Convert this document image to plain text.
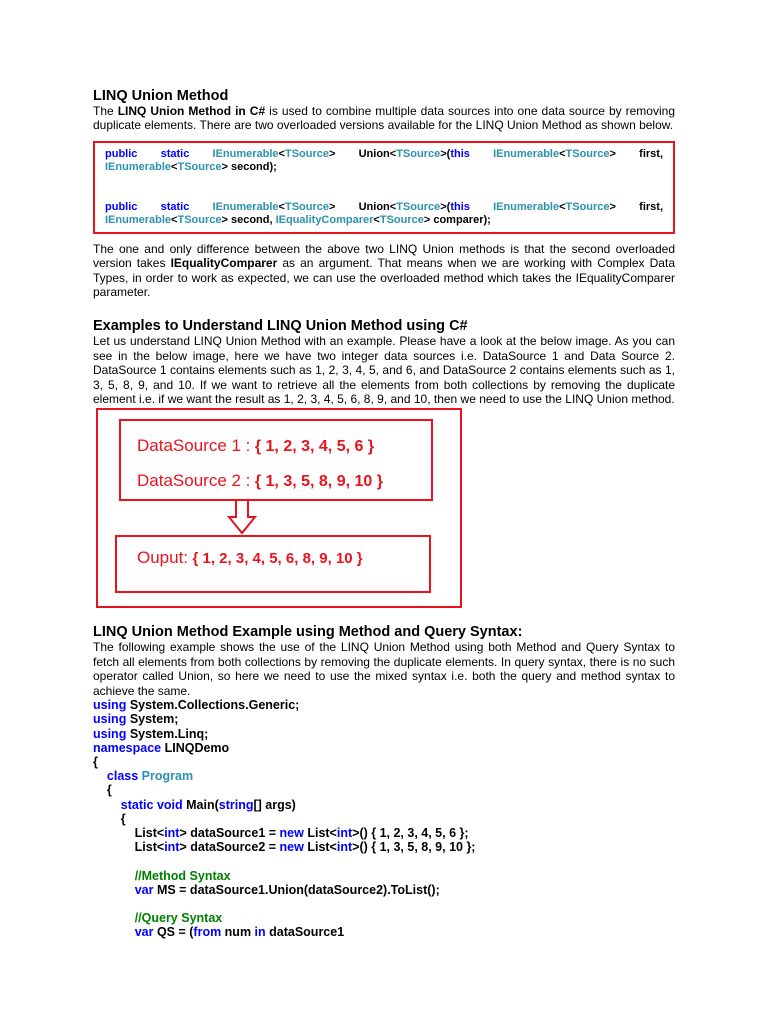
LINQ Union Method

The LINQ Union Method in C# is used to combine multiple data sources into one data source by removing duplicate elements. There are two overloaded versions available for the LINQ Union Method as shown below.

public static IEnumerable<TSource> Union<TSource>(this IEnumerable<TSource> first,
IEnumerable<TSource> second);
public static IEnumerable<TSource> Union<TSource>(this IEnumerable<TSource> first,
IEnumerable<TSource> second, IEqualityComparer<TSource> comparer);

The one and only difference between the above two LINQ Union methods is that the second overloaded version takes IEqualityComparer as an argument. That means when we are working with Complex Data Types, in order to work as expected, we can use the overloaded method which takes the IEqualityComparer parameter.

Examples to Understand LINQ Union Method using C#

Let us understand LINQ Union Method with an example. Please have a look at the below image. As you can see in the below image, here we have two integer data sources i.e. DataSource 1 and Data Source 2. DataSource 1 contains elements such as 1, 2, 3, 4, 5, and 6, and DataSource 2 contains elements such as 1, 3, 5, 8, 9, and 10. If we want to retrieve all the elements from both collections by removing the duplicate element i.e. if we want the result as 1, 2, 3, 4, 5, 6, 8, 9, and 10, then we need to use the LINQ Union method.

DataSource 1 : { 1, 2, 3, 4, 5, 6 }
DataSource 2 : { 1, 3, 5, 8, 9, 10 }
Ouput: { 1, 2, 3, 4, 5, 6, 8, 9, 10 }
LINQ Union Method Example using Method and Query Syntax:

The following example shows the use of the LINQ Union Method using both Method and Query Syntax to fetch all elements from both collections by removing the duplicate elements. In query syntax, there is no such operator called Union, so here we need to use the mixed syntax i.e. both the query and method syntax to achieve the same.

using System.Collections.Generic;
using System;
using System.Linq;
namespace LINQDemo
{
class Program
{
static void Main(string[] args)
{
List<int> dataSource1 = new List<int>() { 1, 2, 3, 4, 5, 6 };
List<int> dataSource2 = new List<int>() { 1, 3, 5, 8, 9, 10 };

//Method Syntax
var MS = dataSource1.Union(dataSource2).ToList();

//Query Syntax
var QS = (from num in dataSource1
